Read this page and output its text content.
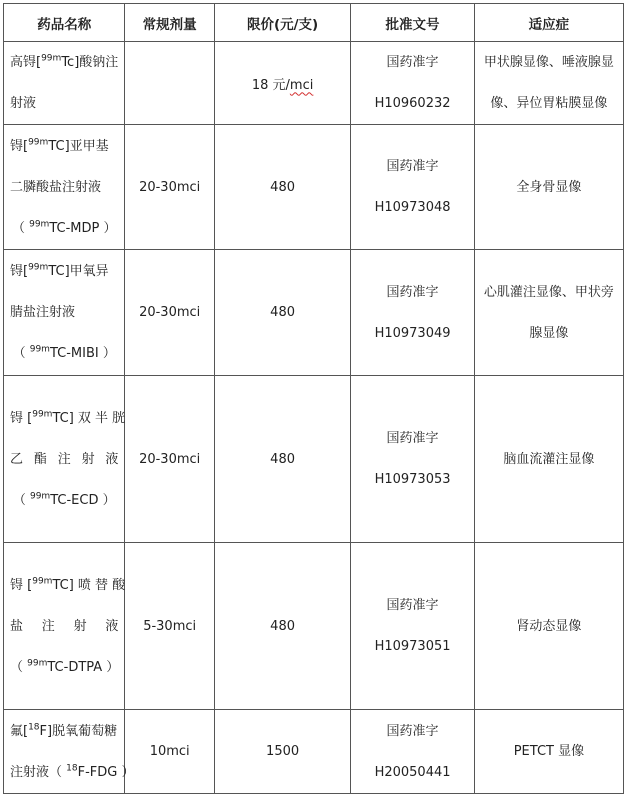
药品名称	常规剂量	限价(元/支)	批准文号	适应症

高锝[$^{99m}$Tc]酸钠注
射液		18 元/mci	国药准字
H10960232	甲状腺显像、唾液腺显
像、异位胃粘膜显像

锝[$^{99m}$TC]亚甲基
二膦酸盐注射液
（ $^{99m}$TC-MDP ）	20-30mci	480	国药准字
H10973048	全身骨显像

锝[$^{99m}$TC]甲氧异
腈盐注射液
（ $^{99m}$TC-MIBI ）	20-30mci	480	国药准字
H10973049	心肌灌注显像、甲状旁
腺显像

锝 [$^{99m}$TC] 双 半 胱
乙 酯 注 射 液
（ $^{99m}$TC-ECD ）	20-30mci	480	国药准字
H10973053	脑血流灌注显像

锝 [$^{99m}$TC] 喷 替 酸
盐 注 射 液
（ $^{99m}$TC-DTPA ）	5-30mci	480	国药准字
H10973051	肾动态显像

氟[$^{18}$F]脱氧葡萄糖
注射液（ $^{18}$F-FDG ）	10mci	1500	国药准字
H20050441	PETCT 显像
